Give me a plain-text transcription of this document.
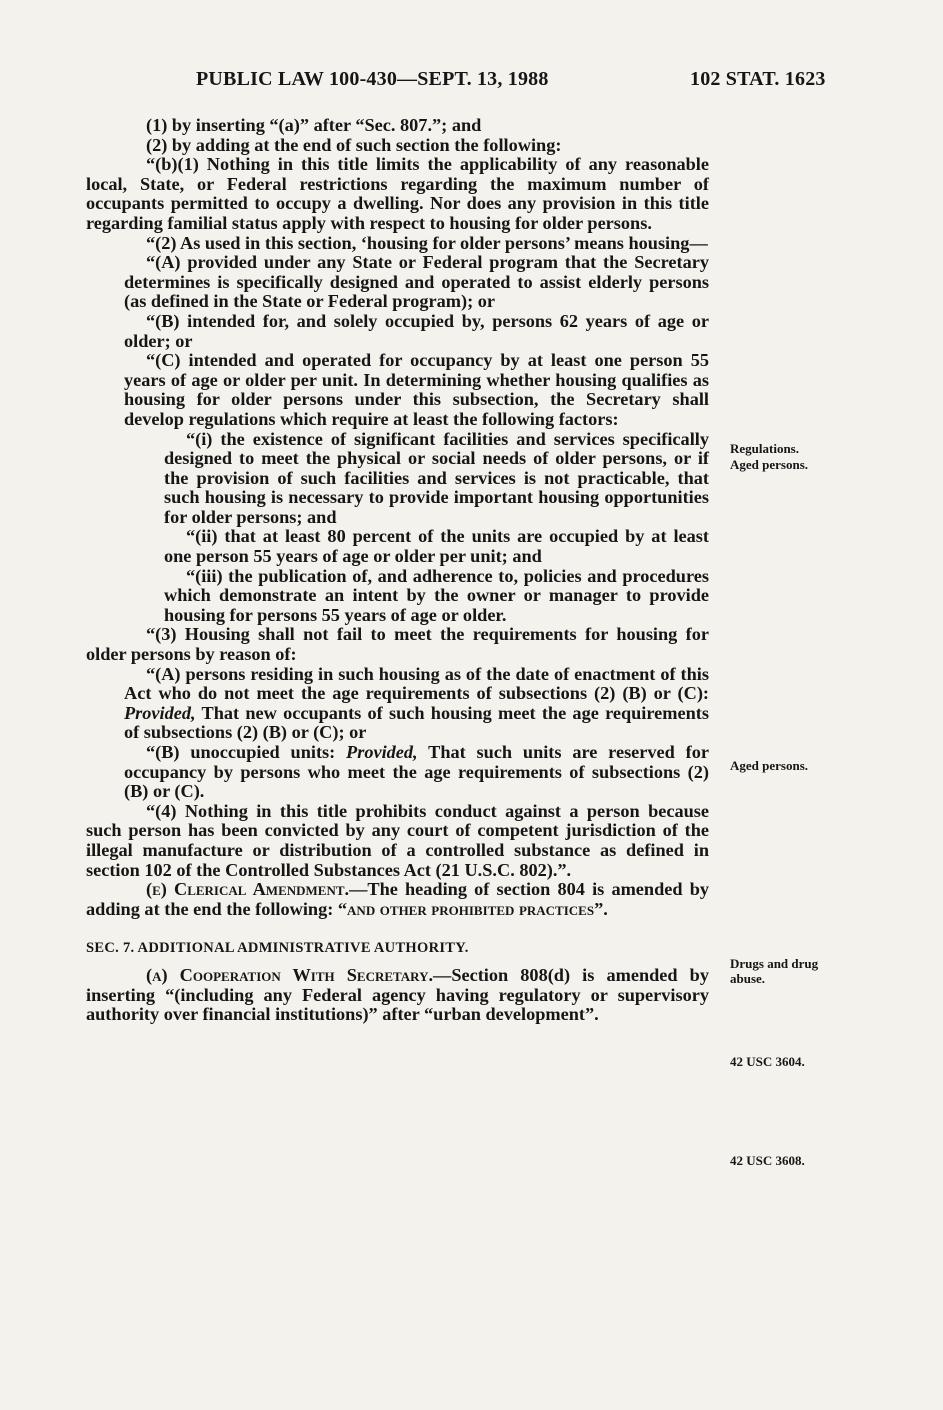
PUBLIC LAW 100-430—SEPT. 13, 1988	102 STAT. 1623

(1) by inserting “(a)” after “Sec. 807.”; and

(2) by adding at the end of such section the following:

“(b)(1) Nothing in this title limits the applicability of any reasonable local, State, or Federal restrictions regarding the maximum number of occupants permitted to occupy a dwelling. Nor does any provision in this title regarding familial status apply with respect to housing for older persons.

“(2) As used in this section, ‘housing for older persons’ means housing—

“(A) provided under any State or Federal program that the Secretary determines is specifically designed and operated to assist elderly persons (as defined in the State or Federal program); or

“(B) intended for, and solely occupied by, persons 62 years of age or older; or

“(C) intended and operated for occupancy by at least one person 55 years of age or older per unit. In determining whether housing qualifies as housing for older persons under this subsection, the Secretary shall develop regulations which require at least the following factors:

“(i) the existence of significant facilities and services specifically designed to meet the physical or social needs of older persons, or if the provision of such facilities and services is not practicable, that such housing is necessary to provide important housing opportunities for older persons; and

“(ii) that at least 80 percent of the units are occupied by at least one person 55 years of age or older per unit; and

“(iii) the publication of, and adherence to, policies and procedures which demonstrate an intent by the owner or manager to provide housing for persons 55 years of age or older.

“(3) Housing shall not fail to meet the requirements for housing for older persons by reason of:

“(A) persons residing in such housing as of the date of enactment of this Act who do not meet the age requirements of subsections (2) (B) or (C): Provided, That new occupants of such housing meet the age requirements of subsections (2) (B) or (C); or

“(B) unoccupied units: Provided, That such units are reserved for occupancy by persons who meet the age requirements of subsections (2) (B) or (C).

“(4) Nothing in this title prohibits conduct against a person because such person has been convicted by any court of competent jurisdiction of the illegal manufacture or distribution of a controlled substance as defined in section 102 of the Controlled Substances Act (21 U.S.C. 802).”.

(e) Clerical Amendment.—The heading of section 804 is amended by adding at the end the following: “and other prohibited practices”.

SEC. 7. ADDITIONAL ADMINISTRATIVE AUTHORITY.

(a) Cooperation With Secretary.—Section 808(d) is amended by inserting “(including any Federal agency having regulatory or supervisory authority over financial institutions)” after “urban development”.

Regulations.
Aged persons.
Aged persons.
Drugs and drug abuse.
42 USC 3604.
42 USC 3608.
